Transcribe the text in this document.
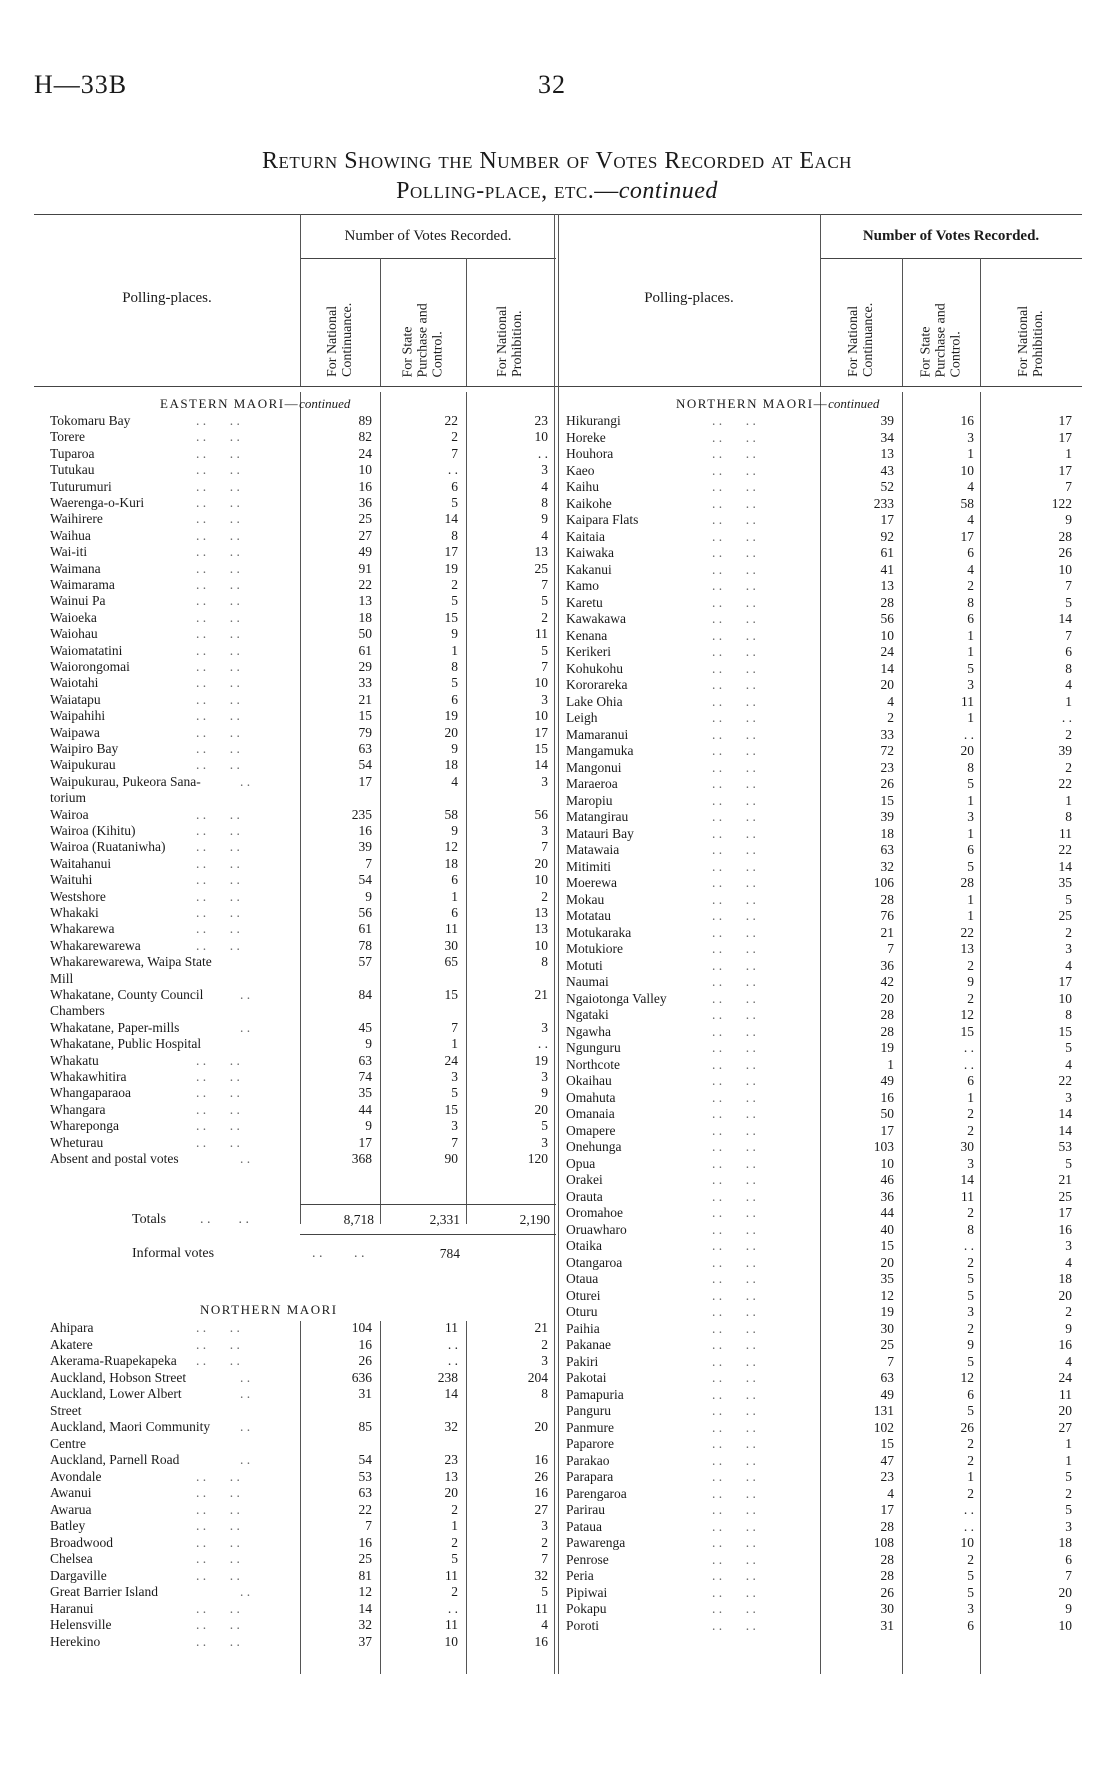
H—33B	32
Return Showing the Number of Votes Recorded at Each
Polling-place, etc.—continued
Number of Votes Recorded.	Number of Votes Recorded.
Polling-places.	Polling-places.
For National Continuance.	For State Purchase and Control.	For National Prohibition.	For National Continuance.	For State Purchase and Control.	For National Prohibition.
EASTERN MAORI—continued	NORTHERN MAORI—continued
NORTHERN MAORI
Tokomaru Bay	. .       . .	89	22	23
Torere	. .       . .	82	2	10
Tuparoa	. .       . .	24	7	. .
Tutukau	. .       . .	10	. .	3
Tuturumuri	. .       . .	16	6	4
Waerenga-o-Kuri	. .       . .	36	5	8
Waihirere	. .       . .	25	14	9
Waihua	. .       . .	27	8	4
Wai-iti	. .       . .	49	17	13
Waimana	. .       . .	91	19	25
Waimarama	. .       . .	22	2	7
Wainui Pa	. .       . .	13	5	5
Waioeka	. .       . .	18	15	2
Waiohau	. .       . .	50	9	11
Waiomatatini	. .       . .	61	1	5
Waiorongomai	. .       . .	29	8	7
Waiotahi	. .       . .	33	5	10
Waiatapu	. .       . .	21	6	3
Waipahihi	. .       . .	15	19	10
Waipawa	. .       . .	79	20	17
Waipiro Bay	. .       . .	63	9	15
Waipukurau	. .       . .	54	18	14
Waipukurau, Pukeora Sana-	. .	17	4	3
torium
Wairoa	. .       . .	235	58	56
Wairoa (Kihitu)	. .       . .	16	9	3
Wairoa (Ruataniwha) . .       . .	39	12	7
Waitahanui	. .       . .	7	18	20
Waituhi	. .       . .	54	6	10
Westshore	. .       . .	9	1	2
Whakaki	. .       . .	56	6	13
Whakarewa	. .       . .	61	11	13
Whakarewarewa	. .       . .	78	30	10
Whakarewarewa, Waipa State	57	65	8
Mill
Whakatane, County Council	. .	84	15	21
Chambers
Whakatane, Paper-mills	. .	45	7	3
Whakatane, Public Hospital	9	1	. .
Whakatu	. .       . .	63	24	19
Whakawhitira	. .       . .	74	3	3
Whangaparaoa	. .       . .	35	5	9
Whangara	. .       . .	44	15	20
Whareponga	. .       . .	9	3	5
Wheturau	. .       . .	17	7	3
Absent and postal votes	. .	368	90	120
Ahipara	. .       . .	104	11	21
Akatere	. .       . .	16	. .	2
Akerama-Ruapekapeka . .       . .	26	. .	3
Auckland, Hobson Street	. .	636	238	204
Auckland, Lower Albert	. .	31	14	8
Street
Auckland, Maori Community . .	85	32	20
Centre
Auckland, Parnell Road	. .	54	23	16
Avondale	. .       . .	53	13	26
Awanui	. .       . .	63	20	16
Awarua	. .       . .	22	2	27
Batley	. .       . .	7	1	3
Broadwood	. .       . .	16	2	2
Chelsea	. .       . .	25	5	7
Dargaville	. .       . .	81	11	32
Great Barrier Island	. .	12	2	5
Haranui	. .       . .	14	. .	11
Helensville	. .       . .	32	11	4
Herekino	. .       . .	37	10	16
Hikurangi	. .       . .	39	16	17
Horeke	. .       . .	34	3	17
Houhora	. .       . .	13	1	1
Kaeo	. .       . .	43	10	17
Kaihu	. .       . .	52	4	7
Kaikohe	. .       . .	233	58	122
Kaipara Flats	. .       . .	17	4	9
Kaitaia	. .       . .	92	17	28
Kaiwaka	. .       . .	61	6	26
Kakanui	. .       . .	41	4	10
Kamo	. .       . .	13	2	7
Karetu	. .       . .	28	8	5
Kawakawa	. .       . .	56	6	14
Kenana	. .       . .	10	1	7
Kerikeri	. .       . .	24	1	6
Kohukohu	. .       . .	14	5	8
Kororareka	. .       . .	20	3	4
Lake Ohia	. .       . .	4	11	1
Leigh	. .       . .	2	1	. .
Mamaranui	. .       . .	33	. .	2
Mangamuka	. .       . .	72	20	39
Mangonui	. .       . .	23	8	2
Maraeroa	. .       . .	26	5	22
Maropiu	. .       . .	15	1	1
Matangirau	. .       . .	39	3	8
Matauri Bay	. .       . .	18	1	11
Matawaia	. .       . .	63	6	22
Mitimiti	. .       . .	32	5	14
Moerewa	. .       . .	106	28	35
Mokau	. .       . .	28	1	5
Motatau	. .       . .	76	1	25
Motukaraka	. .       . .	21	22	2
Motukiore	. .       . .	7	13	3
Motuti	. .       . .	36	2	4
Naumai	. .       . .	42	9	17
Ngaiotonga Valley	. .       . .	20	2	10
Ngataki	. .       . .	28	12	8
Ngawha	. .       . .	28	15	15
Ngunguru	. .       . .	19	. .	5
Northcote	. .       . .	1	. .	4
Okaihau	. .       . .	49	6	22
Omahuta	. .       . .	16	1	3
Omanaia	. .       . .	50	2	14
Omapere	. .       . .	17	2	14
Onehunga	. .       . .	103	30	53
Opua	. .       . .	10	3	5
Orakei	. .       . .	46	14	21
Orauta	. .       . .	36	11	25
Oromahoe	. .       . .	44	2	17
Oruawharo	. .       . .	40	8	16
Otaika	. .       . .	15	. .	3
Otangaroa	. .       . .	20	2	4
Otaua	. .       . .	35	5	18
Oturei	. .       . .	12	5	20
Oturu	. .       . .	19	3	2
Paihia	. .       . .	30	2	9
Pakanae	. .       . .	25	9	16
Pakiri	. .       . .	7	5	4
Pakotai	. .       . .	63	12	24
Pamapuria	. .       . .	49	6	11
Panguru	. .       . .	131	5	20
Panmure	. .       . .	102	26	27
Paparore	. .       . .	15	2	1
Parakao	. .       . .	47	2	1
Parapara	. .       . .	23	1	5
Parengaroa	. .       . .	4	2	2
Parirau	. .       . .	17	. .	5
Pataua	. .       . .	28	. .	3
Pawarenga	. .       . .	108	10	18
Penrose	. .       . .	28	2	6
Peria	. .       . .	28	5	7
Pipiwai	. .       . .	26	5	20
Pokapu	. .       . .	30	3	9
Poroti	. .       . .	31	6	10
Totals . .        . .	8,718	2,331	2,190
Informal votes	. .         . .	784
